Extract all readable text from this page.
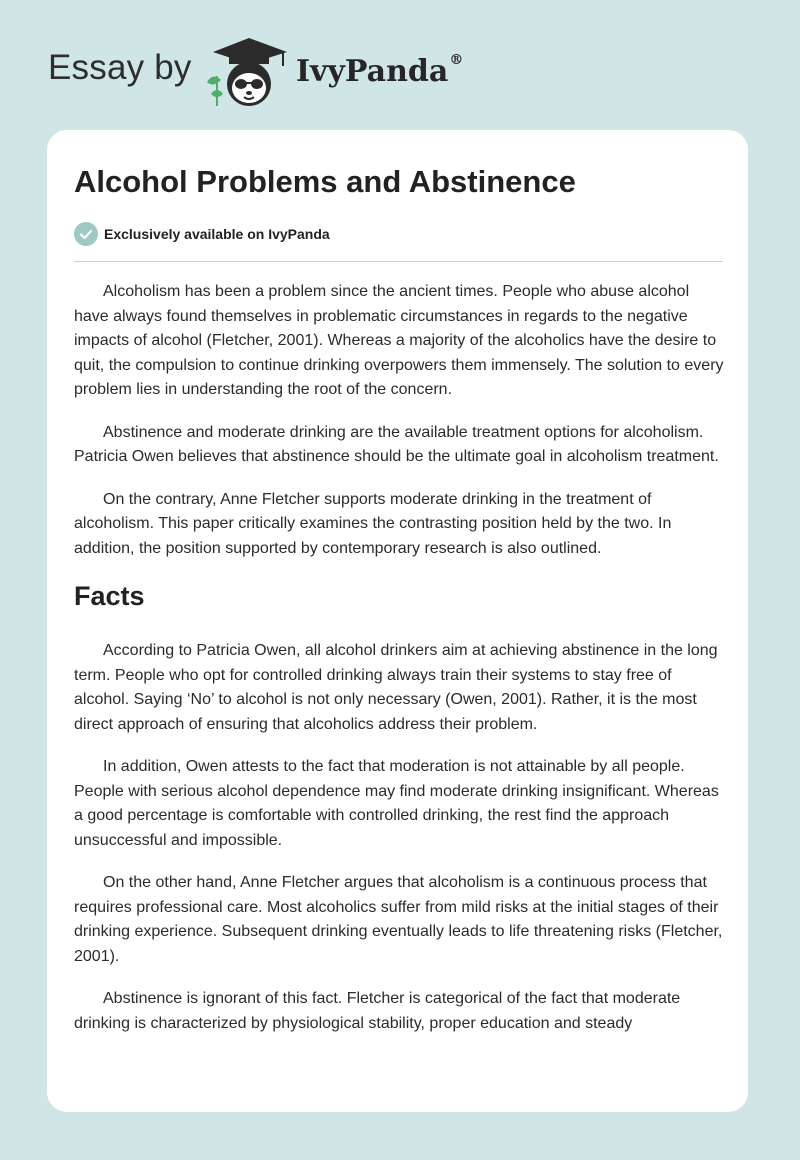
Essay by	IvyPanda®
Alcohol Problems and Abstinence
Exclusively available on IvyPanda

Alcoholism has been a problem since the ancient times. People who abuse alcohol have always found themselves in problematic circumstances in regards to the negative impacts of alcohol (Fletcher, 2001). Whereas a majority of the alcoholics have the desire to quit, the compulsion to continue drinking overpowers them immensely. The solution to every problem lies in understanding the root of the concern.

Abstinence and moderate drinking are the available treatment options for alcoholism. Patricia Owen believes that abstinence should be the ultimate goal in alcoholism treatment.

On the contrary, Anne Fletcher supports moderate drinking in the treatment of alcoholism. This paper critically examines the contrasting position held by the two. In addition, the position supported by contemporary research is also outlined.

Facts

According to Patricia Owen, all alcohol drinkers aim at achieving abstinence in the long term. People who opt for controlled drinking always train their systems to stay free of alcohol. Saying ‘No’ to alcohol is not only necessary (Owen, 2001). Rather, it is the most direct approach of ensuring that alcoholics address their problem.

In addition, Owen attests to the fact that moderation is not attainable by all people. People with serious alcohol dependence may find moderate drinking insignificant. Whereas a good percentage is comfortable with controlled drinking, the rest find the approach unsuccessful and impossible.

On the other hand, Anne Fletcher argues that alcoholism is a continuous process that requires professional care. Most alcoholics suffer from mild risks at the initial stages of their drinking experience. Subsequent drinking eventually leads to life threatening risks (Fletcher, 2001).

Abstinence is ignorant of this fact. Fletcher is categorical of the fact that moderate drinking is characterized by physiological stability, proper education and steady
